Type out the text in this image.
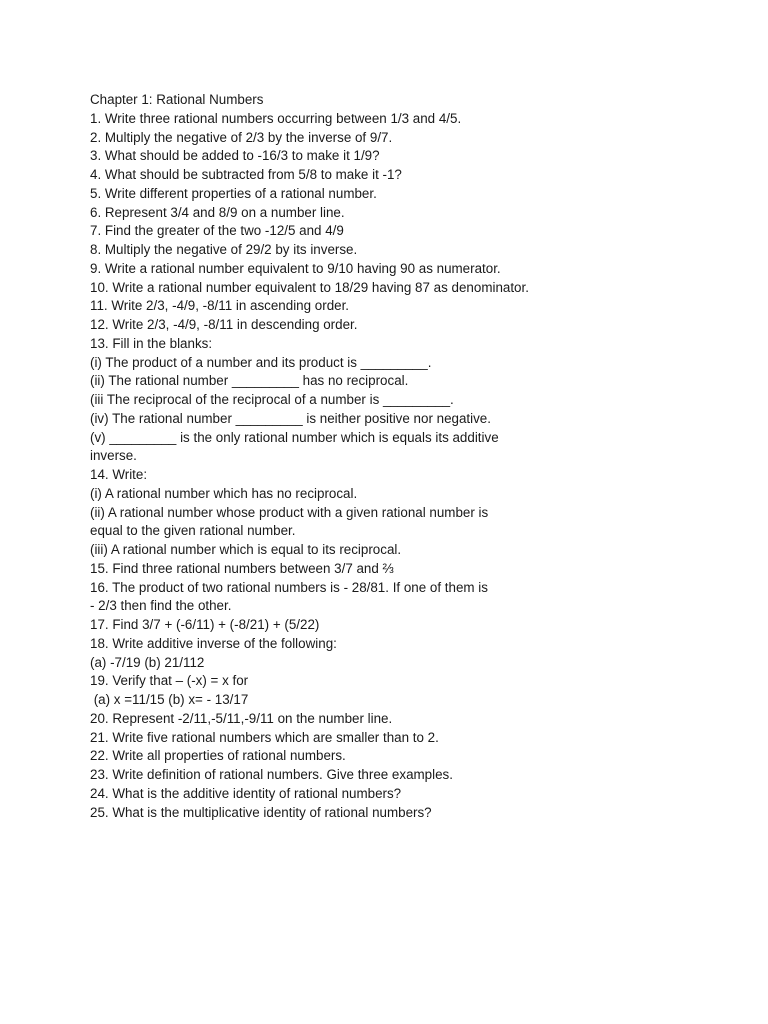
Chapter 1: Rational Numbers

1. Write three rational numbers occurring between 1/3 and 4/5.

2. Multiply the negative of 2/3 by the inverse of 9/7.

3. What should be added to -16/3 to make it 1/9?

4. What should be subtracted from 5/8 to make it -1?

5. Write different properties of a rational number.

6. Represent 3/4 and 8/9 on a number line.

7. Find the greater of the two -12/5 and 4/9

8. Multiply the negative of 29/2 by its inverse.

9. Write a rational number equivalent to 9/10 having 90 as numerator.

10. Write a rational number equivalent to 18/29 having 87 as denominator.

11. Write 2/3, -4/9, -8/11 in ascending order.

12. Write 2/3, -4/9, -8/11 in descending order.

13. Fill in the blanks:

(i) The product of a number and its product is _________.

(ii) The rational number _________ has no reciprocal.

(iii The reciprocal of the reciprocal of a number is _________.

(iv) The rational number _________ is neither positive nor negative.

(v) _________ is the only rational number which is equals its additive

inverse.

14. Write:

(i) A rational number which has no reciprocal.

(ii) A rational number whose product with a given rational number is

equal to the given rational number.

(iii) A rational number which is equal to its reciprocal.

15. Find three rational numbers between 3/7 and ⅔

16. The product of two rational numbers is - 28/81. If one of them is

- 2/3 then find the other.

17. Find 3/7 + (-6/11) + (-8/21) + (5/22)

18. Write additive inverse of the following:

(a) -7/19 (b) 21/112

19. Verify that – (-x) = x for

(a) x =11/15 (b) x= - 13/17

20. Represent -2/11,-5/11,-9/11 on the number line.

21. Write five rational numbers which are smaller than to 2.

22. Write all properties of rational numbers.

23. Write definition of rational numbers. Give three examples.

24. What is the additive identity of rational numbers?

25. What is the multiplicative identity of rational numbers?
